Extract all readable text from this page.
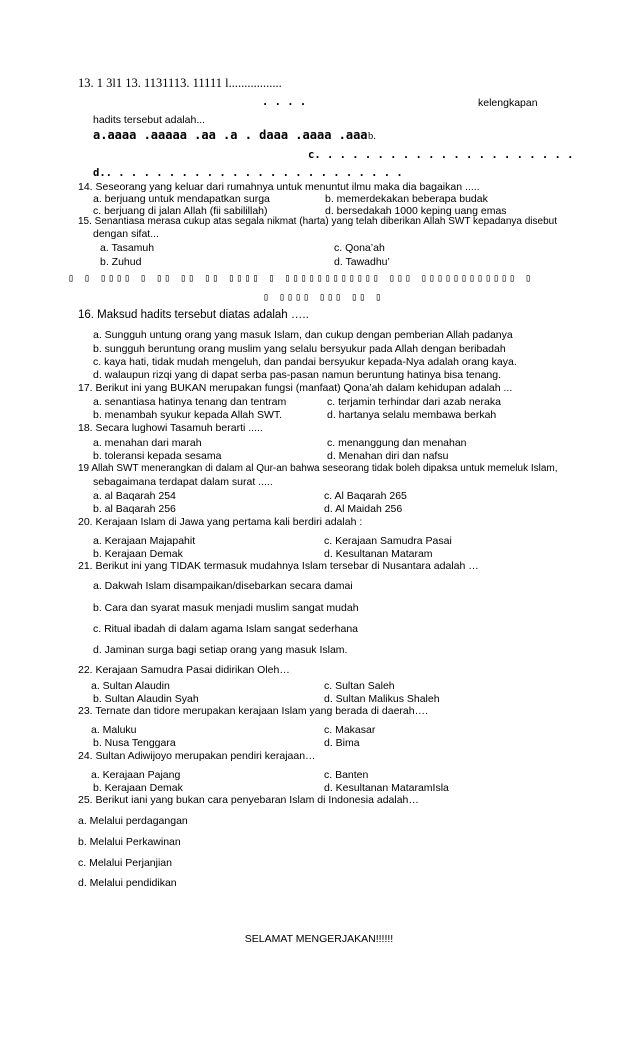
13. 1 3l1 13. 1131113. 11111 l.................
. . . .	kelengkapan
hadits tersebut adalah...
a.aaaa .aaaaa .aa .a . daaa .aaaa .aaa b.
c. . . . . . . . . . . . . . . . . . . . .
d.. . . . . . . . . . . . . . . . . . . . . . . .
14. Seseorang yang keluar dari rumahnya untuk menuntut ilmu maka dia bagaikan .....
a. berjuang untuk mendapatkan surga	b. memerdekakan beberapa budak
c. berjuang di jalan Allah (fii sabilillah)	d. bersedakah 1000 keping uang emas
15. Senantiasa merasa cukup atas segala nikmat (harta) yang telah diberikan Allah SWT kepadanya disebut
dengan sifat...
a. Tasamuh	c. Qona’ah
b. Zuhud	d. Tawadhu’
▯ ▯ ▯▯▯▯ ▯ ▯▯ ▯▯ ▯▯ ▯▯▯▯ ▯ ▯▯▯▯▯▯▯▯▯▯▯▯ ▯▯▯ ▯▯▯▯▯▯▯▯▯▯▯▯ ▯
▯ ▯▯▯▯ ▯▯▯ ▯▯ ▯
16. Maksud hadits tersebut diatas adalah …..
a. Sungguh untung orang yang masuk Islam, dan cukup dengan pemberian Allah padanya
b. sungguh beruntung orang muslim yang selalu bersyukur pada Allah dengan beribadah
c. kaya hati, tidak mudah mengeluh, dan pandai bersyukur kepada-Nya adalah orang kaya.
d. walaupun rizqi yang di dapat serba pas-pasan namun beruntung hatinya bisa tenang.
17. Berikut ini yang BUKAN merupakan fungsi (manfaat) Qona’ah dalam kehidupan adalah ...
a. senantiasa hatinya tenang dan tentram	c. terjamin terhindar dari azab neraka
b. menambah syukur kepada Allah SWT.	d. hartanya selalu membawa berkah
18. Secara lughowi Tasamuh berarti .....
a. menahan dari marah	c. menanggung dan menahan
b. toleransi kepada sesama	d. Menahan diri dan nafsu
19 Allah SWT menerangkan di dalam al Qur-an bahwa seseorang tidak boleh dipaksa untuk memeluk Islam,
sebagaimana terdapat dalam surat .....
a. al Baqarah 254	c. Al Baqarah 265
b. al Baqarah 256	d. Al Maidah 256
20. Kerajaan Islam di Jawa yang pertama kali berdiri adalah :
a. Kerajaan Majapahit	c. Kerajaan Samudra Pasai
b. Kerajaan Demak	d. Kesultanan Mataram
21. Berikut ini yang TIDAK termasuk mudahnya Islam tersebar di Nusantara adalah …
a. Dakwah Islam disampaikan/disebarkan secara damai
b. Cara dan syarat masuk menjadi muslim sangat mudah
c. Ritual ibadah di dalam agama Islam sangat sederhana
d. Jaminan surga bagi setiap orang yang masuk Islam.
22. Kerajaan Samudra Pasai didirikan Oleh…
a. Sultan Alaudin	c. Sultan Saleh
b. Sultan Alaudin Syah	d. Sultan Malikus Shaleh
23. Ternate dan tidore merupakan kerajaan Islam yang berada di daerah….
a. Maluku	c. Makasar
b. Nusa Tenggara	d. Bima
24. Sultan Adiwijoyo merupakan pendiri kerajaan…
a. Kerajaan Pajang	c. Banten
b. Kerajaan Demak	d. Kesultanan MataramIsla
25. Berikut iani yang bukan cara penyebaran Islam di Indonesia adalah…
a. Melalui perdagangan
b. Melalui Perkawinan
c. Melalui Perjanjian
d. Melalui pendidikan
SELAMAT MENGERJAKAN!!!!!!
